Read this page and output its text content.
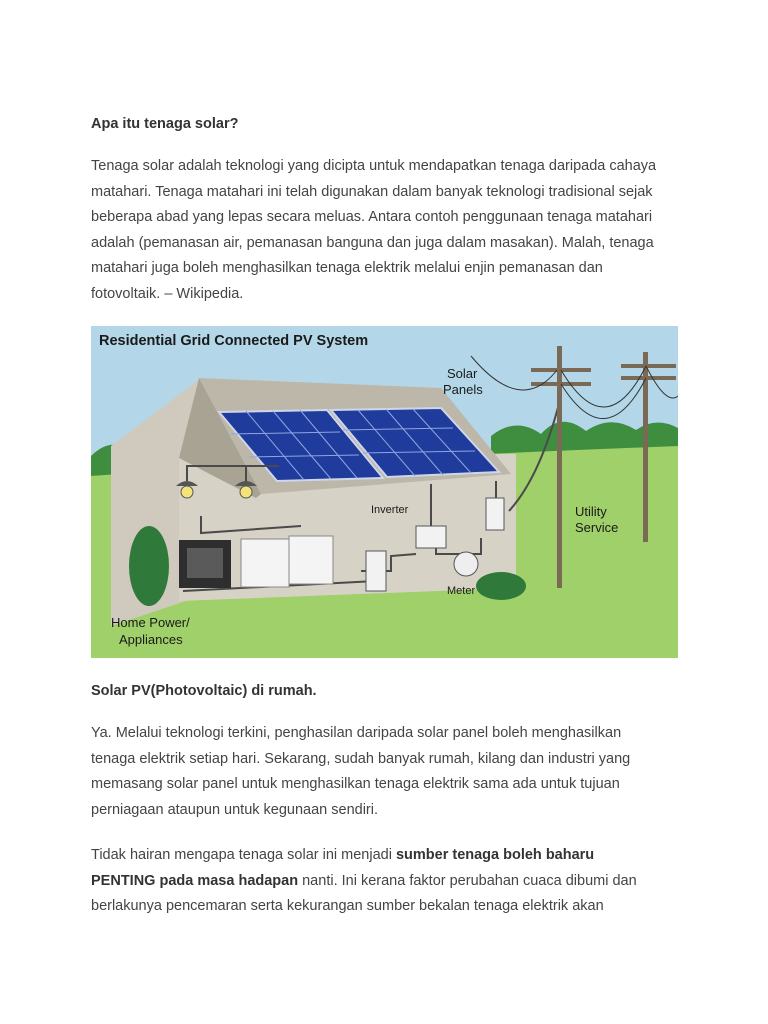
Apa itu tenaga solar?
Tenaga solar adalah teknologi yang dicipta untuk mendapatkan tenaga daripada cahaya
matahari. Tenaga matahari ini telah digunakan dalam banyak teknologi tradisional sejak
beberapa abad yang lepas secara meluas. Antara contoh penggunaan tenaga matahari
adalah (pemanasan air, pemanasan banguna dan juga dalam masakan). Malah, tenaga
matahari juga boleh menghasilkan tenaga elektrik melalui enjin pemanasan dan
fotovoltaik. – Wikipedia.
Residential Grid Connected PV System
Solar
Panels
Inverter	Utility
Service
Meter
Home Power/
Appliances
Solar PV(Photovoltaic) di rumah.
Ya. Melalui teknologi terkini, penghasilan daripada solar panel boleh menghasilkan
tenaga elektrik setiap hari. Sekarang, sudah banyak rumah, kilang dan industri yang
memasang solar panel untuk menghasilkan tenaga elektrik sama ada untuk tujuan
perniagaan ataupun untuk kegunaan sendiri.
Tidak hairan mengapa tenaga solar ini menjadi sumber tenaga boleh baharu
PENTING pada masa hadapan nanti. Ini kerana faktor perubahan cuaca dibumi dan
berlakunya pencemaran serta kekurangan sumber bekalan tenaga elektrik akan
